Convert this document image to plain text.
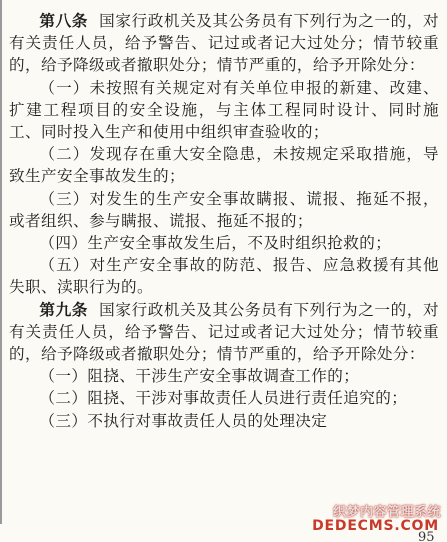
第八条 国家行政机关及其公务员有下列行为之一的，对有关责任人员，给予警告、记过或者记大过处分；情节较重的，给予降级或者撤职处分；情节严重的，给予开除处分：

（一）未按照有关规定对有关单位申报的新建、改建、扩建工程项目的安全设施，与主体工程同时设计、同时施工、同时投入生产和使用中组织审查验收的；

（二）发现存在重大安全隐患，未按规定采取措施，导致生产安全事故发生的；

（三）对发生的生产安全事故瞒报、谎报、拖延不报，或者组织、参与瞒报、谎报、拖延不报的；

（四）生产安全事故发生后，不及时组织抢救的；

（五）对生产安全事故的防范、报告、应急救援有其他失职、渎职行为的。

第九条 国家行政机关及其公务员有下列行为之一的，对有关责任人员，给予警告、记过或者记大过处分；情节较重的，给予降级或者撤职处分；情节严重的，给予开除处分：

（一）阻挠、干涉生产安全事故调查工作的；

（二）阻挠、干涉对事故责任人员进行责任追究的；

（三）不执行对事故责任人员的处理决定

织梦内容管理系统
DEDECMS.COM
95
